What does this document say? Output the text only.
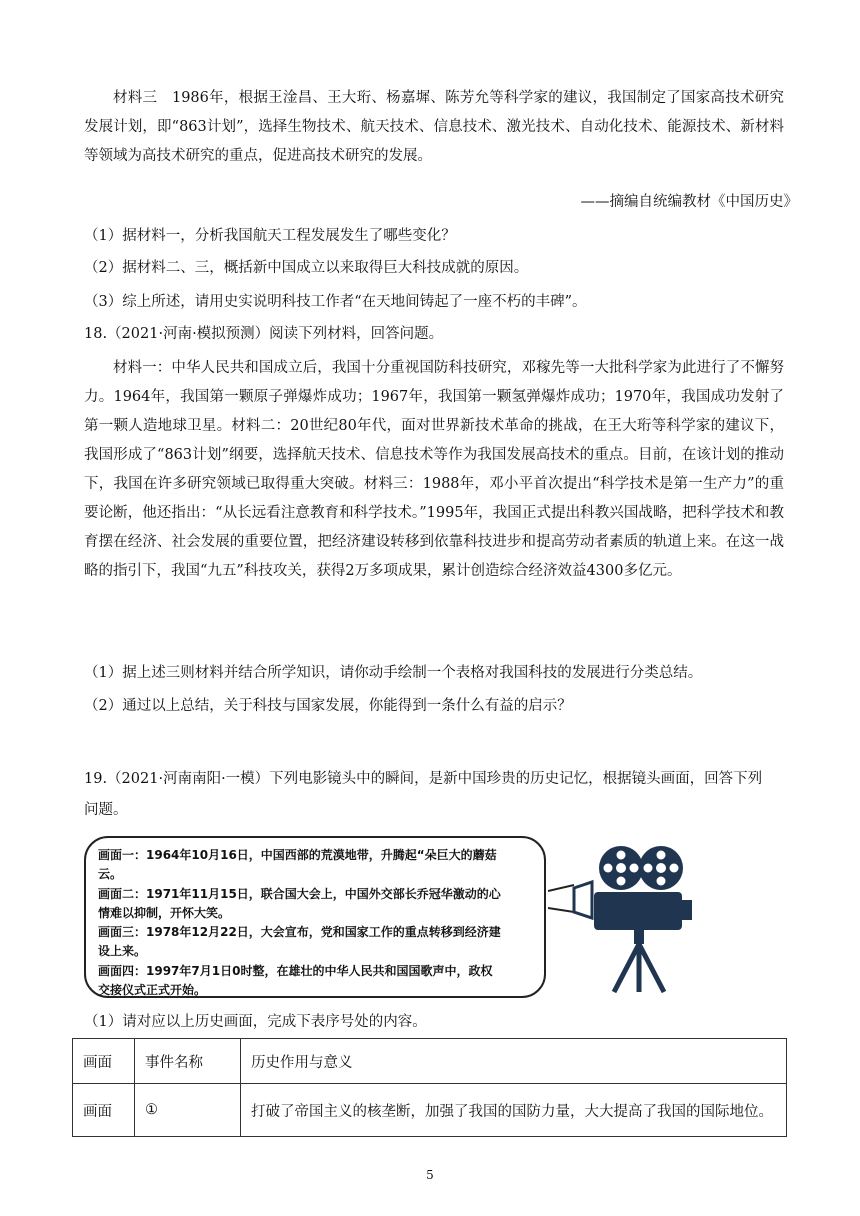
材料三　1986年，根据王淦昌、王大珩、杨嘉墀、陈芳允等科学家的建议，我国制定了国家高技术研究发展计划，即“863计划”，选择生物技术、航天技术、信息技术、激光技术、自动化技术、能源技术、新材料等领域为高技术研究的重点，促进高技术研究的发展。

——摘编自统编教材《中国历史》
（1）据材料一，分析我国航天工程发展发生了哪些变化？
（2）据材料二、三，概括新中国成立以来取得巨大科技成就的原因。
（3）综上所述，请用史实说明科技工作者“在天地间铸起了一座不朽的丰碑”。
18.（2021·河南·模拟预测）阅读下列材料，回答问题。

材料一：中华人民共和国成立后，我国十分重视国防科技研究，邓稼先等一大批科学家为此进行了不懈努力。1964年，我国第一颗原子弹爆炸成功；1967年，我国第一颗氢弹爆炸成功；1970年，我国成功发射了第一颗人造地球卫星。材料二：20世纪80年代，面对世界新技术革命的挑战，在王大珩等科学家的建议下，我国形成了“863计划”纲要，选择航天技术、信息技术等作为我国发展高技术的重点。目前，在该计划的推动下，我国在许多研究领域已取得重大突破。材料三：1988年，邓小平首次提出“科学技术是第一生产力”的重要论断，他还指出：“从长远看注意教育和科学技术。”1995年，我国正式提出科教兴国战略，把科学技术和教育摆在经济、社会发展的重要位置，把经济建设转移到依靠科技进步和提高劳动者素质的轨道上来。在这一战略的指引下，我国“九五”科技攻关，获得2万多项成果，累计创造综合经济效益4300多亿元。

（1）据上述三则材料并结合所学知识，请你动手绘制一个表格对我国科技的发展进行分类总结。
（2）通过以上总结，关于科技与国家发展，你能得到一条什么有益的启示？
19.（2021·河南南阳·一模）下列电影镜头中的瞬间，是新中国珍贵的历史记忆，根据镜头画面，回答下列
问题。
画面一：1964年10月16日，中国西部的荒漠地带，升腾起“朵巨大的蘑菇
云。
画面二：1971年11月15日，联合国大会上，中国外交部长乔冠华激动的心
情难以抑制，开怀大笑。
画面三：1978年12月22日，大会宣布，党和国家工作的重点转移到经济建
设上来。
画面四：1997年7月1日0时整，在雄壮的中华人民共和国国歌声中，政权
交接仪式正式开始。
（1）请对应以上历史画面，完成下表序号处的内容。
画面	事件名称	历史作用与意义
画面	①	打破了帝国主义的核垄断，加强了我国的国防力量，大大提高了我国的国际地位。
5
